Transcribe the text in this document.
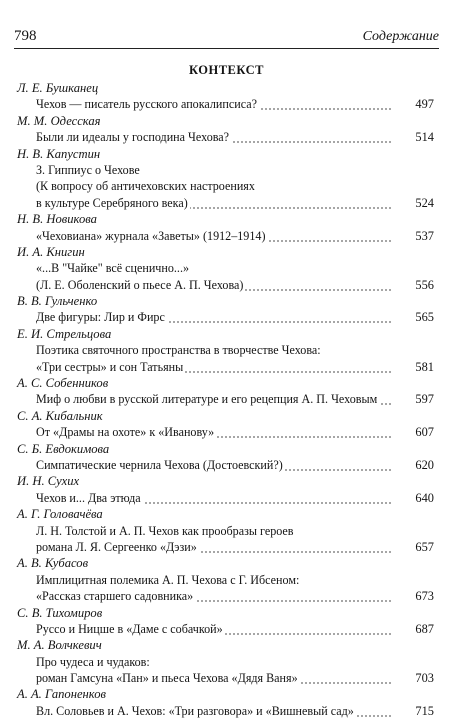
798	Содержание
КОНТЕКСТ
Л. Е. Бушканец
Чехов — писатель русского апокалипсиса?	497
М. М. Одесская
Были ли идеалы у господина Чехова?	514
Н. В. Капустин
З. Гиппиус о Чехове
(К вопросу об античеховских настроениях
в культуре Серебряного века)	524
Н. В. Новикова
«Чеховиана» журнала «Заветы» (1912–1914)	537
И. А. Книгин
«...В "Чайке" всё сценично...»
(Л. Е. Оболенский о пьесе А. П. Чехова)	556
В. В. Гульченко
Две фигуры: Лир и Фирс	565
Е. И. Стрельцова
Поэтика святочного пространства в творчестве Чехова:
«Три сестры» и сон Татьяны	581
А. С. Собенников
Миф о любви в русской литературе и его рецепция А. П. Чеховым	597
С. А. Кибальник
От «Драмы на охоте» к «Иванову»	607
С. Б. Евдокимова
Симпатические чернила Чехова (Достоевский?)	620
И. Н. Сухих
Чехов и... Два этюда	640
А. Г. Головачёва
Л. Н. Толстой и А. П. Чехов как прообразы героев
романа Л. Я. Сергеенко «Дэзи»	657
А. В. Кубасов
Имплицитная полемика А. П. Чехова с Г. Ибсеном:
«Рассказ старшего садовника»	673
С. В. Тихомиров
Руссо и Ницше в «Даме с собачкой»	687
М. А. Волчкевич
Про чудеса и чудаков:
роман Гамсуна «Пан» и пьеса Чехова «Дядя Ваня»	703
А. А. Гапоненков
Вл. Соловьев и А. Чехов: «Три разговора» и «Вишневый сад»	715
